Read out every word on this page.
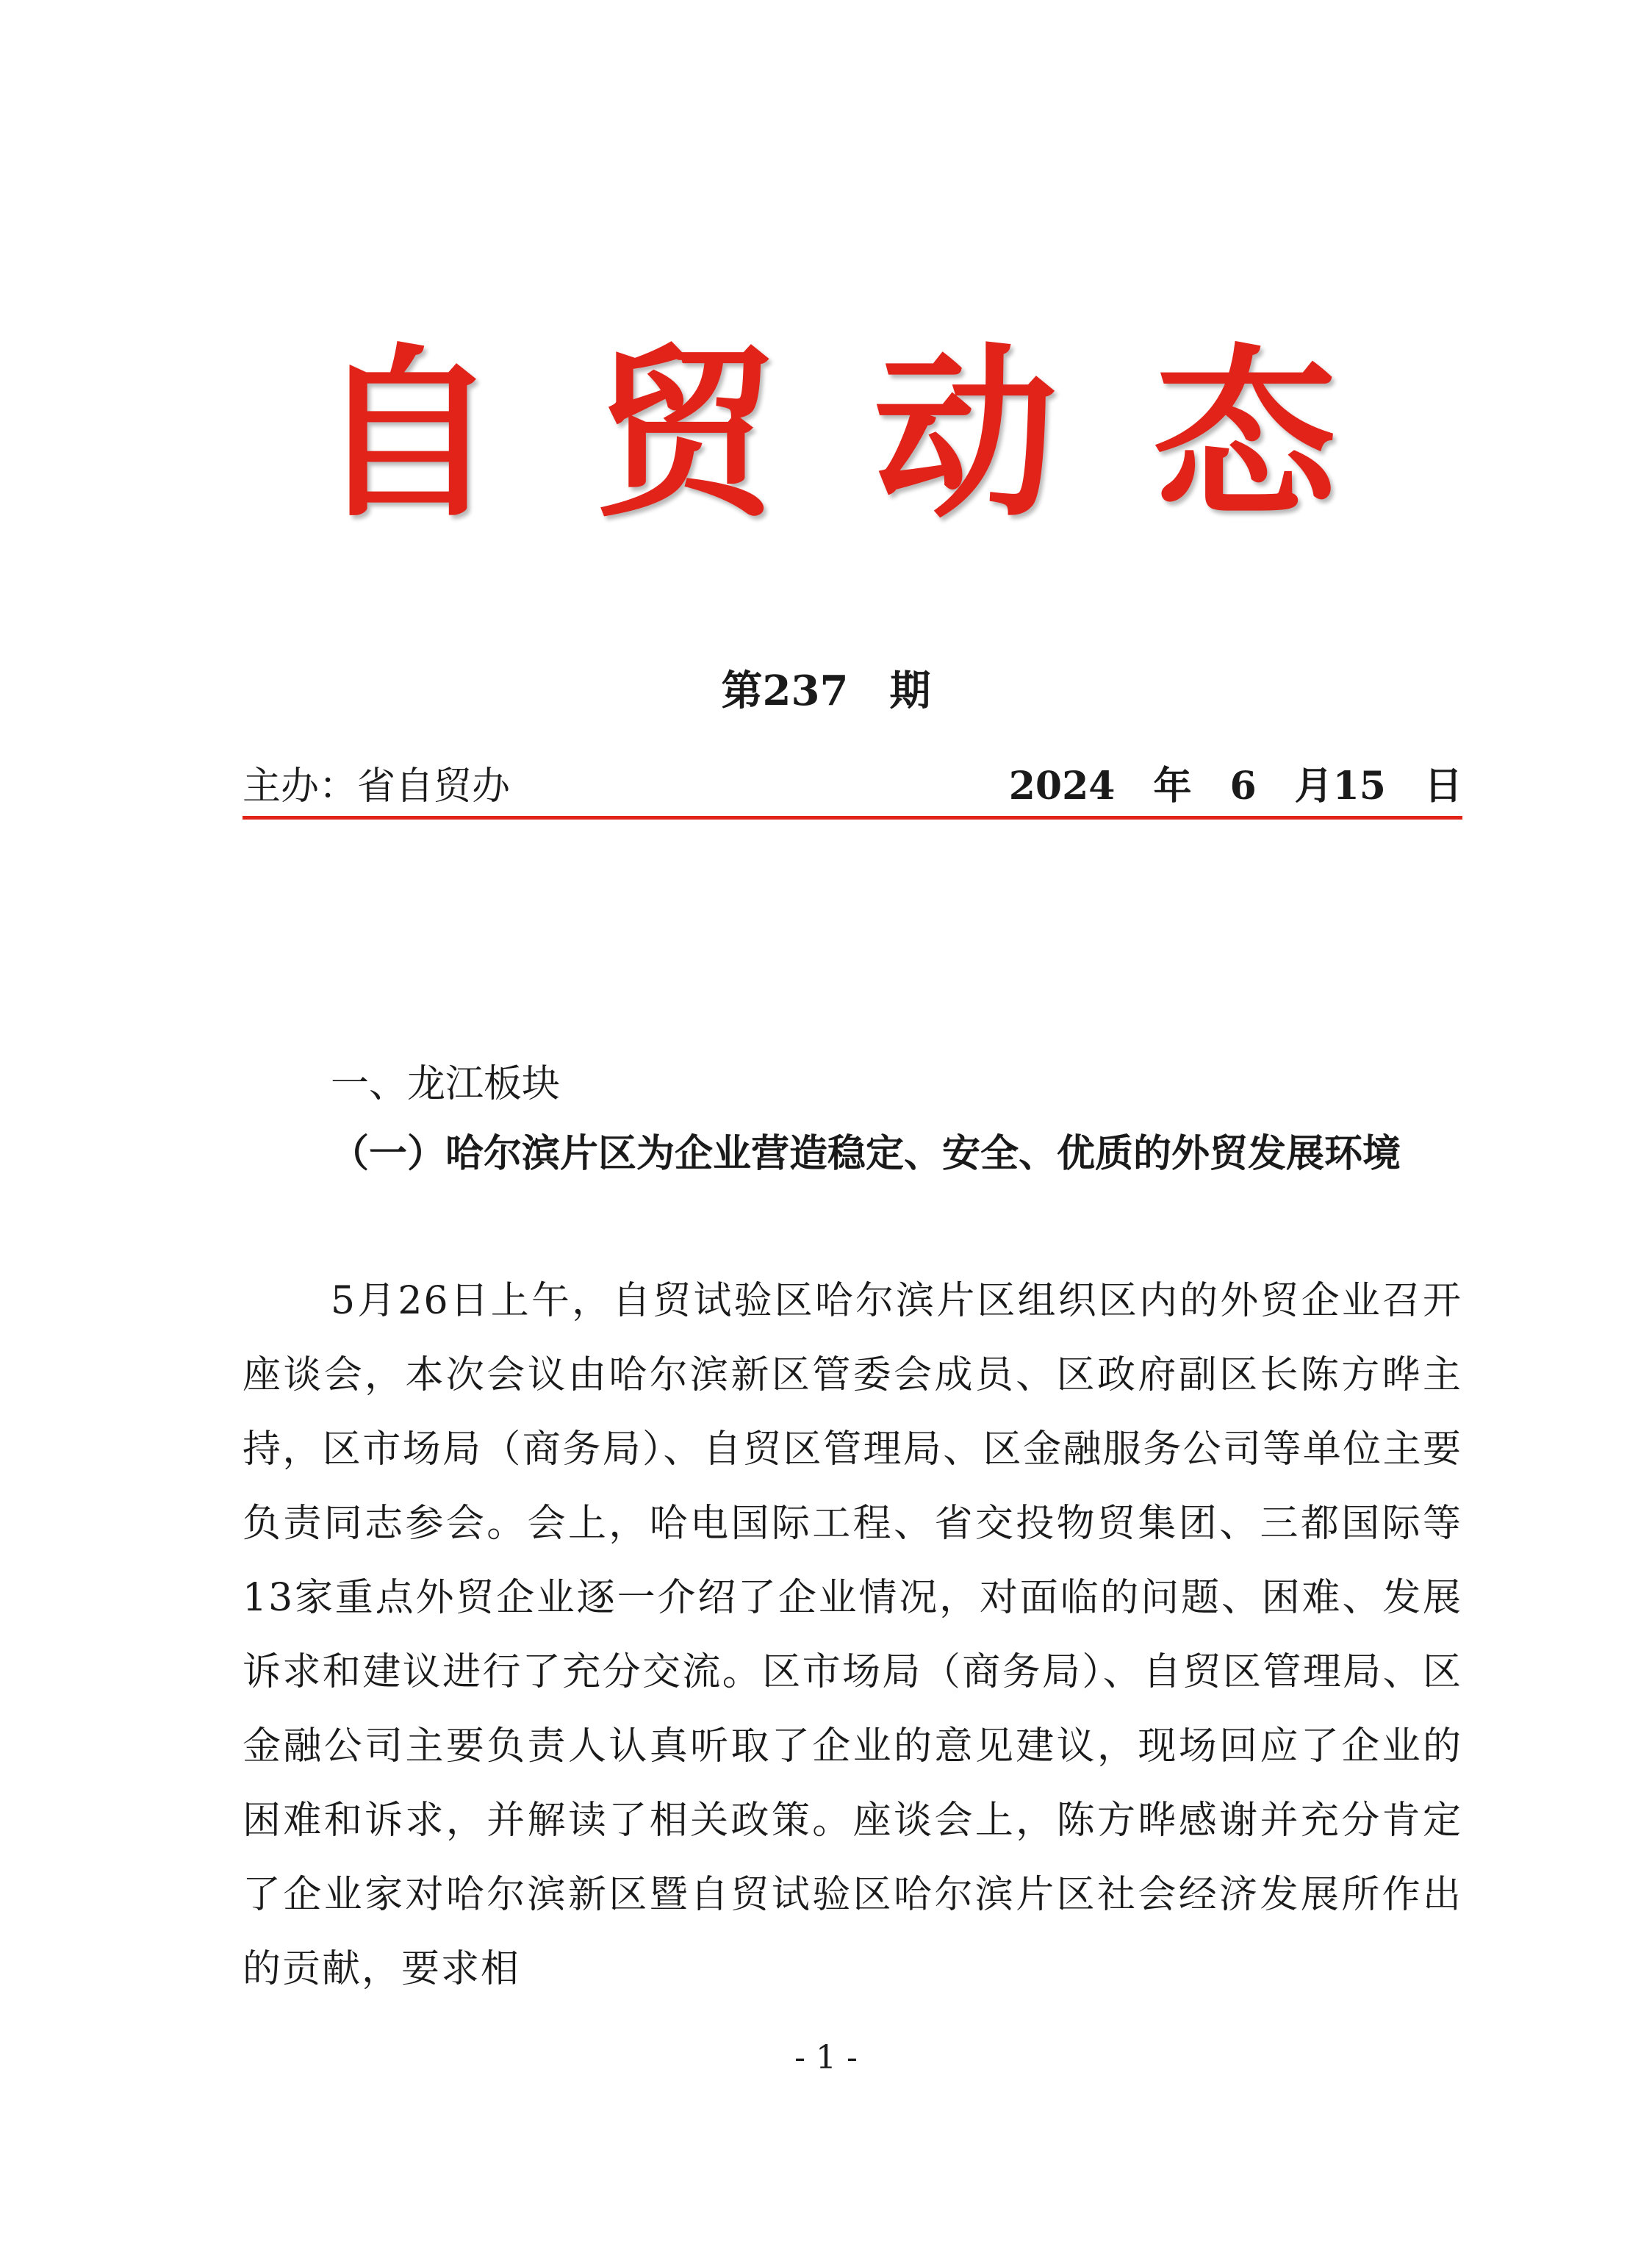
自贸动态
第237　期
主办：省自贸办	2024　年　6　月15　日
一、龙江板块

（一）哈尔滨片区为企业营造稳定、安全、优质的外贸发展环境

5月26日上午，自贸试验区哈尔滨片区组织区内的外贸企业召开座谈会，本次会议由哈尔滨新区管委会成员、区政府副区长陈方晔主持，区市场局（商务局）、自贸区管理局、区金融服务公司等单位主要负责同志参会。会上，哈电国际工程、省交投物贸集团、三都国际等13家重点外贸企业逐一介绍了企业情况，对面临的问题、困难、发展诉求和建议进行了充分交流。区市场局（商务局）、自贸区管理局、区金融公司主要负责人认真听取了企业的意见建议，现场回应了企业的困难和诉求，并解读了相关政策。座谈会上，陈方晔感谢并充分肯定了企业家对哈尔滨新区暨自贸试验区哈尔滨片区社会经济发展所作出的贡献，要求相

- 1 -
